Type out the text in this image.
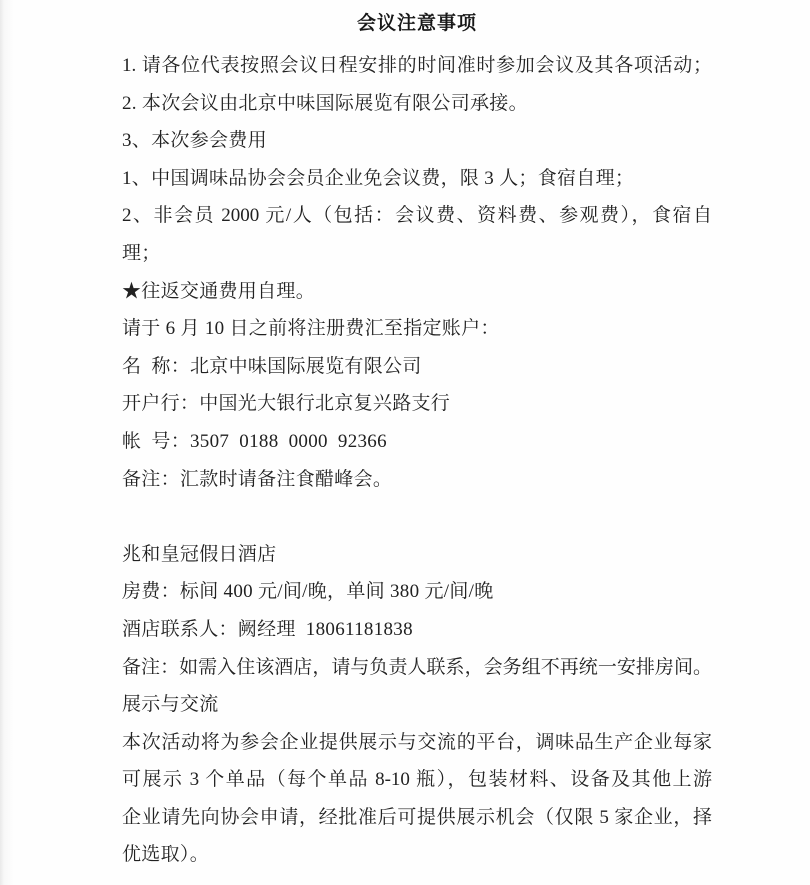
会议注意事项
1. 请各位代表按照会议日程安排的时间准时参加会议及其各项活动；
2. 本次会议由北京中味国际展览有限公司承接。
3、本次参会费用
1、中国调味品协会会员企业免会议费，限 3 人；食宿自理；
2、非会员 2000 元/人（包括：会议费、资料费、参观费），食宿自
理；
★往返交通费用自理。
请于 6 月 10 日之前将注册费汇至指定账户：
名  称：北京中味国际展览有限公司
开户行：中国光大银行北京复兴路支行
帐  号：3507  0188  0000  92366
备注：汇款时请备注食醋峰会。
兆和皇冠假日酒店
房费：标间 400 元/间/晚，单间 380 元/间/晚
酒店联系人：阙经理  18061181838
备注：如需入住该酒店，请与负责人联系，会务组不再统一安排房间。
展示与交流
本次活动将为参会企业提供展示与交流的平台，调味品生产企业每家
可展示 3 个单品（每个单品 8-10 瓶），包装材料、设备及其他上游
企业请先向协会申请，经批准后可提供展示机会（仅限 5 家企业，择
优选取）。
